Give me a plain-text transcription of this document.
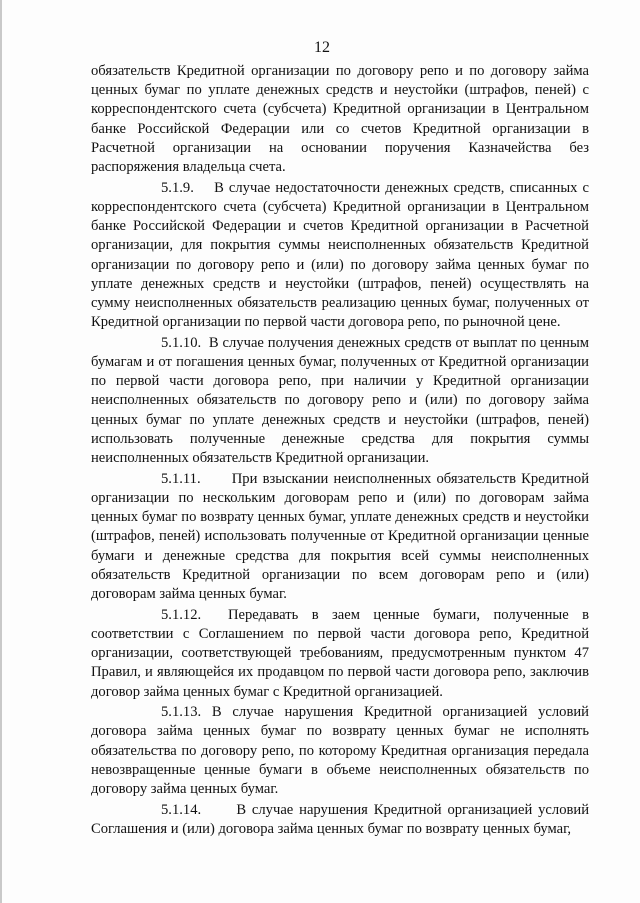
12

обязательств Кредитной организации по договору репо и по договору займа ценных бумаг по уплате денежных средств и неустойки (штрафов, пеней) с корреспондентского счета (субсчета) Кредитной организации в Центральном банке Российской Федерации или со счетов Кредитной организации в Расчетной организации на основании поручения Казначейства без распоряжения владельца счета.

5.1.9. В случае недостаточности денежных средств, списанных с корреспондентского счета (субсчета) Кредитной организации в Центральном банке Российской Федерации и счетов Кредитной организации в Расчетной организации, для покрытия суммы неисполненных обязательств Кредитной организации по договору репо и (или) по договору займа ценных бумаг по уплате денежных средств и неустойки (штрафов, пеней) осуществлять на сумму неисполненных обязательств реализацию ценных бумаг, полученных от Кредитной организации по первой части договора репо, по рыночной цене.

5.1.10. В случае получения денежных средств от выплат по ценным бумагам и от погашения ценных бумаг, полученных от Кредитной организации по первой части договора репо, при наличии у Кредитной организации неисполненных обязательств по договору репо и (или) по договору займа ценных бумаг по уплате денежных средств и неустойки (штрафов, пеней) использовать полученные денежные средства для покрытия суммы неисполненных обязательств Кредитной организации.

5.1.11. При взыскании неисполненных обязательств Кредитной организации по нескольким договорам репо и (или) по договорам займа ценных бумаг по возврату ценных бумаг, уплате денежных средств и неустойки (штрафов, пеней) использовать полученные от Кредитной организации ценные бумаги и денежные средства для покрытия всей суммы неисполненных обязательств Кредитной организации по всем договорам репо и (или) договорам займа ценных бумаг.

5.1.12. Передавать в заем ценные бумаги, полученные в соответствии с Соглашением по первой части договора репо, Кредитной организации, соответствующей требованиям, предусмотренным пунктом 47 Правил, и являющейся их продавцом по первой части договора репо, заключив договор займа ценных бумаг с Кредитной организацией.

5.1.13. В случае нарушения Кредитной организацией условий договора займа ценных бумаг по возврату ценных бумаг не исполнять обязательства по договору репо, по которому Кредитная организация передала невозвращенные ценные бумаги в объеме неисполненных обязательств по договору займа ценных бумаг.

5.1.14. В случае нарушения Кредитной организацией условий Соглашения и (или) договора займа ценных бумаг по возврату ценных бумаг,
